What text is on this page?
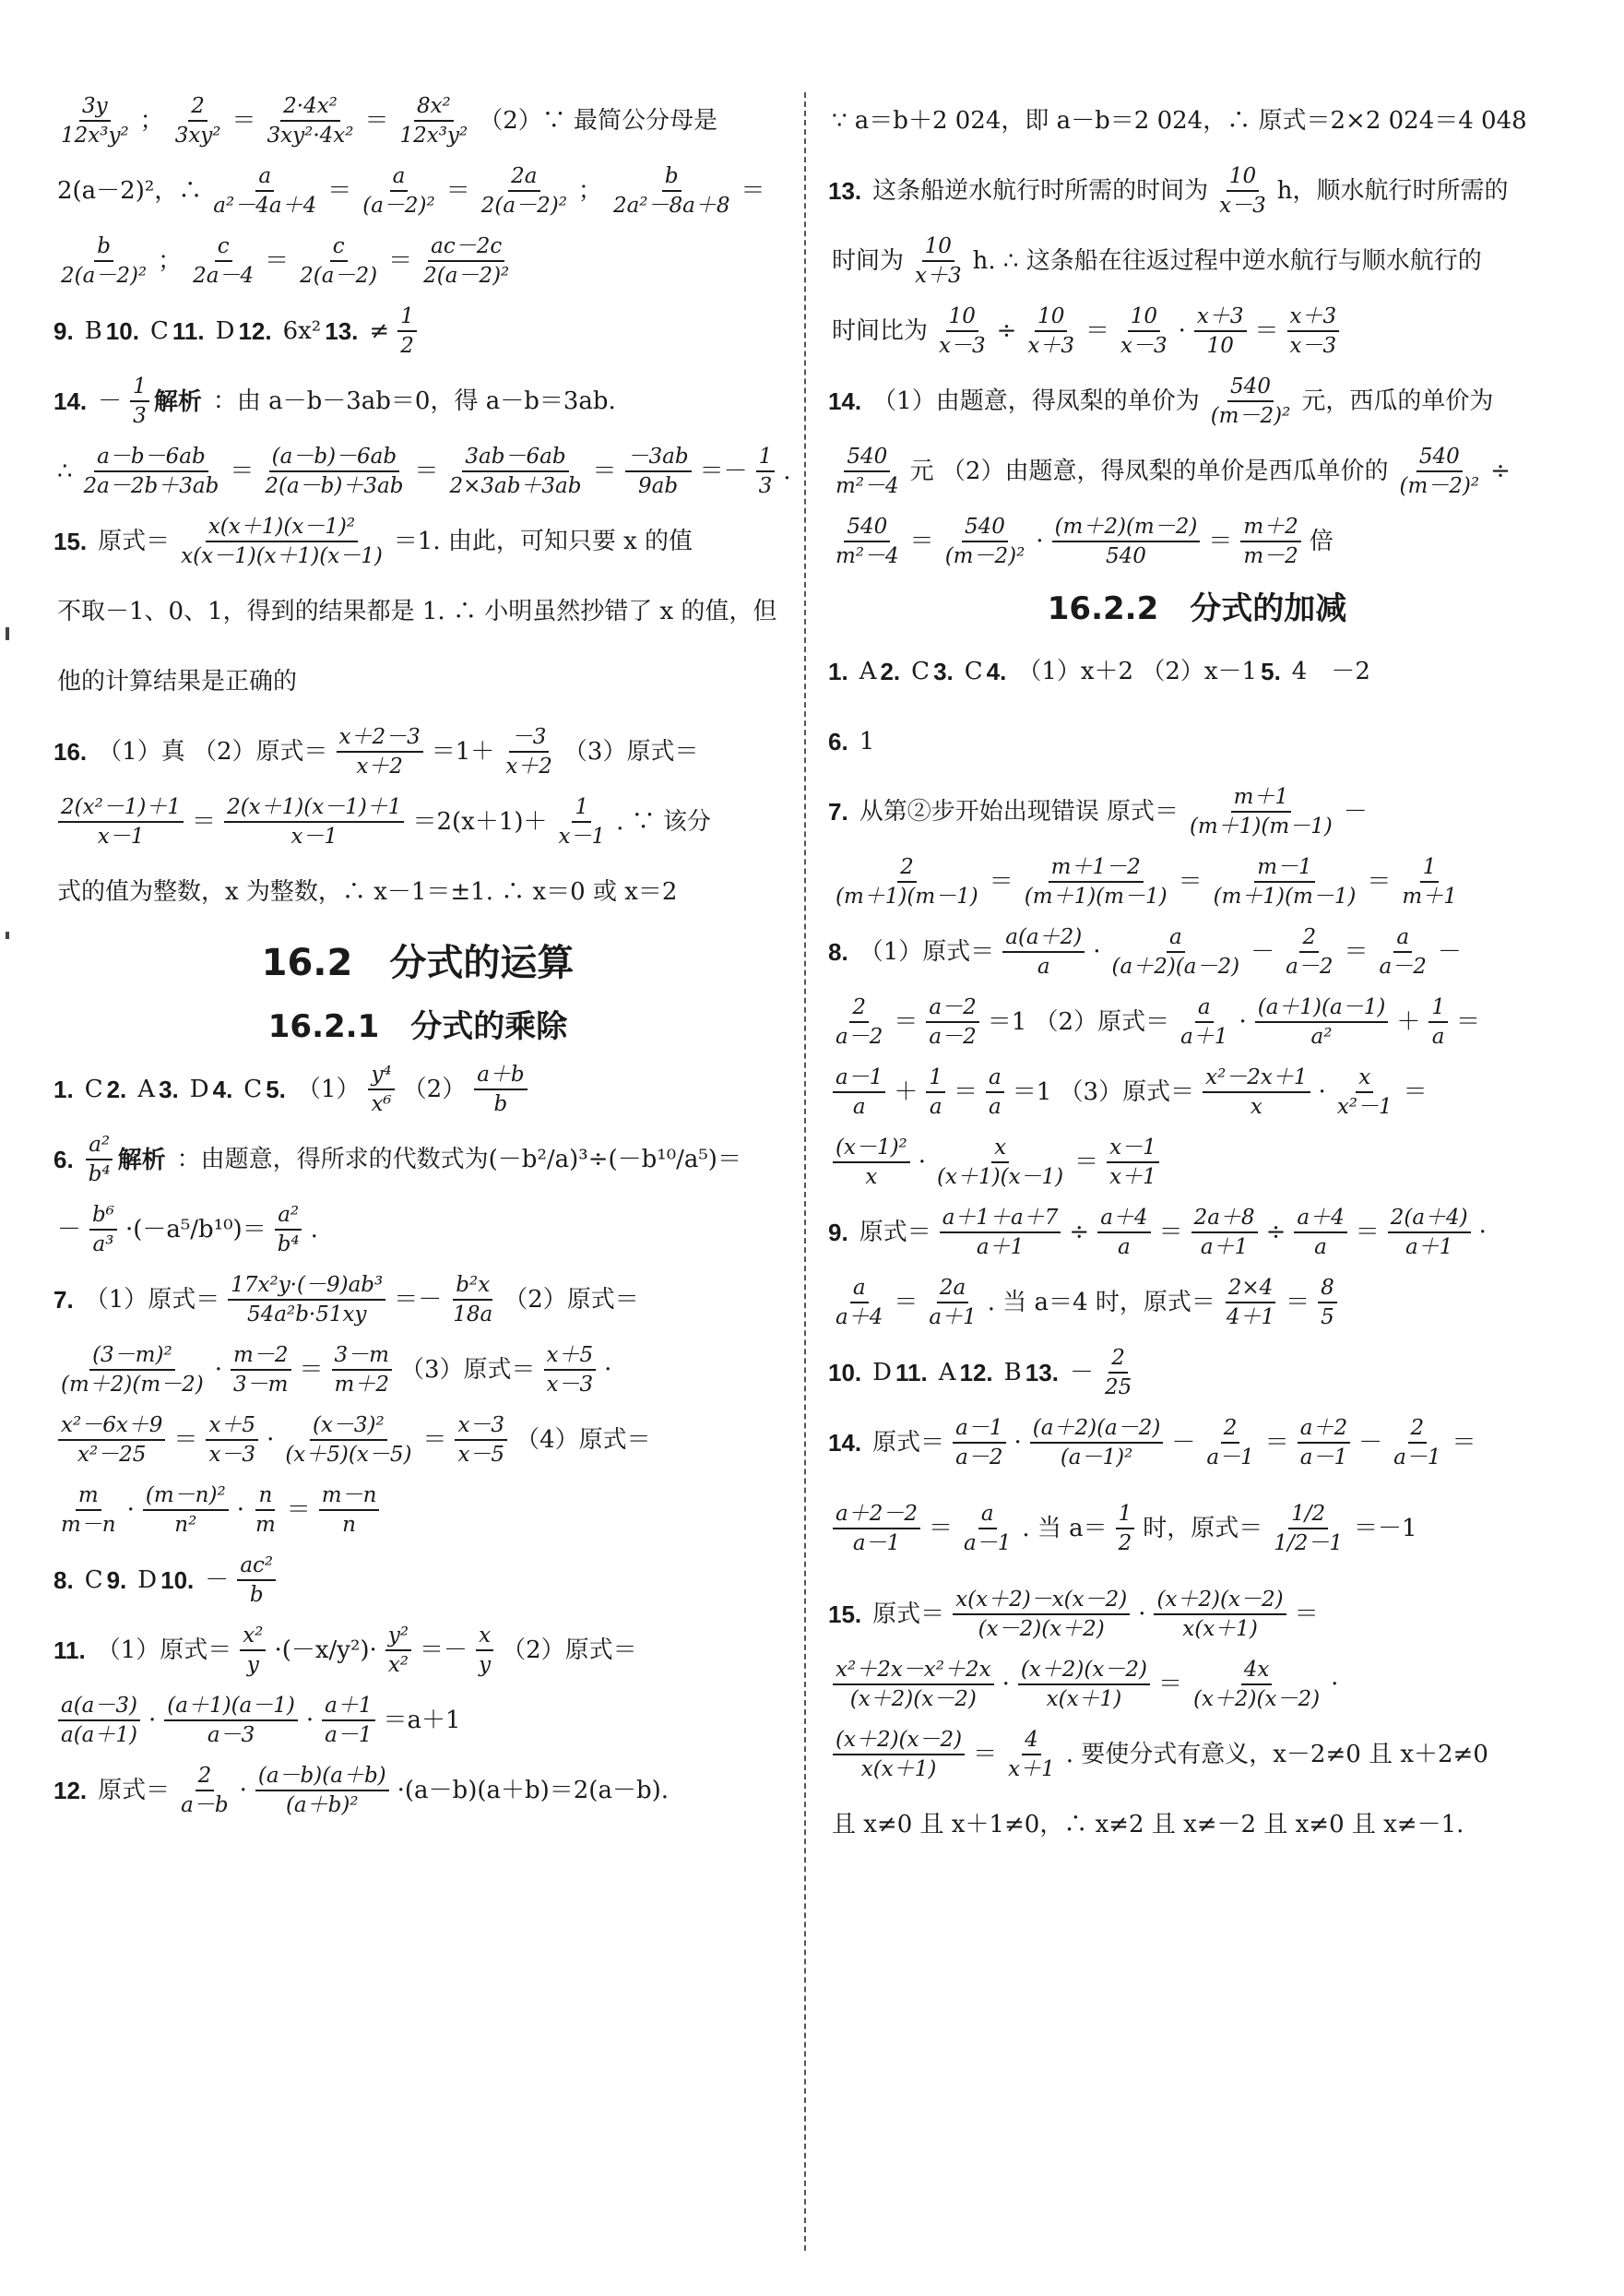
$\frac{3y}{\text{12x³y²}}$ ； $\frac{2}{\text{3xy²}} = \frac{\text{2·4x²}}{\text{3xy²·4x²}} = \frac{\text{8x²}}{\text{12x³y²}}$ （2）∵ 最简公分母是
2(a－2)²，∴ $\frac{a}{\text{a²－4a＋4}} = \frac{a}{\text{(a－2)²}} = \frac{2a}{\text{2(a－2)²}}$ ； $\frac{b}{\text{2a²－8a＋8}}$ ＝
$\frac{b}{\text{2(a－2)²}}$ ； $\frac{c}{2a-4} = \frac{c}{2(a-2)} = \frac{ac-2c}{\text{2(a－2)²}}$
9. B 10. C 11. D 12. 6x² 13. ≠ $\frac{1}{2}$
14. － $\frac{1}{3}$ 解析 ：由 a－b－3ab＝0，得 a－b＝3ab.
∴ $\frac{a-b-6ab}{2a-2b+3ab} = \frac{(a-b)-6ab}{2(a-b)+3ab} = \frac{3ab-6ab}{2\times 3ab+3ab} = \frac{-3ab}{9ab} =- \frac{1}{3}$ .
15. 原式＝ $\frac{\text{x(x＋1)(x－1)²}}{x(x-1)(x+1)(x-1)} =1$. 由此，可知只要 x 的值
不取－1、0、1，得到的结果都是 1. ∴ 小明虽然抄错了 x 的值，但
他的计算结果是正确的
16. （1）真 （2）原式＝ $\frac{x+2-3}{x+2} =1+ \frac{-3}{x+2} (3)$原式＝
$\frac{\text{2(x²－1)＋1}}{x-1} = \frac{2(x+1)(x-1)+1}{x-1} =2(x+1)+ \frac{1}{x-1}$ . ∵ 该分
式的值为整数，x 为整数，∴ x－1＝±1. ∴ x＝0 或 x＝2
16.2　分式的运算
16.2.1　分式的乘除
1. C 2. A 3. D 4. C 5. $(1) \frac{\text{y⁴}}{\text{x⁶}} (2) \frac{a+b}{b}$
6. $\frac{\text{a²}}{\text{b⁴}}$ 解析 ：由题意，得所求的代数式为(－b²/a)³÷(－b¹⁰/a⁵)＝
－ $\frac{\text{b⁶}}{\text{a³}} \cdot(-a^5/b^{10})= \frac{\text{a²}}{\text{b⁴}}$ .
7. （1）原式＝ $\frac{\text{17x²y·(－9)ab³}}{\text{54a²b·51xy}} =- \frac{\text{b²x}}{18a} (2)$原式＝
$\frac{\text{(3－m)²}}{(m+2)(m-2)} \cdot \frac{m-2}{3-m} = \frac{3-m}{m+2} (3)$原式＝ $\frac{x+5}{x-3}$ ·
$\frac{\text{x²－6x＋9}}{\text{x²－25}} = \frac{x+5}{x-3} \cdot \frac{\text{(x－3)²}}{(x+5)(x-5)} = \frac{x-3}{x-5} (4)$原式＝
$\frac{m}{m-n} \cdot \frac{\text{(m－n)²}}{\text{n²}} \cdot \frac{n}{m} = \frac{m-n}{n}$
8. C 9. D 10. － $\frac{\text{ac²}}{b}$
11. （1）原式＝ $\frac{\text{x²}}{y} \cdot(-x/y^2)\cdot \frac{\text{y²}}{\text{x²}} =- \frac{x}{y} (2)$原式＝
$\frac{a(a-3)}{a(a+1)} \cdot \frac{(a+1)(a-1)}{a-3} \cdot \frac{a+1}{a-1} =a+1$
12. 原式＝ $\frac{2}{a-b} \cdot \frac{(a-b)(a+b)}{\text{(a＋b)²}} \cdot(a-b)(a+b)=2(a-b)$.
∵ a＝b＋2 024，即 a－b＝2 024，∴ 原式＝2×2 024＝4 048
13. 这条船逆水航行时所需的时间为 $\frac{10}{x-3}$ h，顺水航行时所需的
时间为 $\frac{10}{x+3} h$. ∴ 这条船在往返过程中逆水航行与顺水航行的
时间比为 $\frac{10}{x-3} \div \frac{10}{x+3} = \frac{10}{x-3} \cdot \frac{x+3}{10} = \frac{x+3}{x-3}$
14. （1）由题意，得凤梨的单价为 $\frac{540}{\text{(m－2)²}}$ 元，西瓜的单价为
$\frac{540}{\text{m²－4}}$ 元 （2）由题意，得凤梨的单价是西瓜单价的 $\frac{540}{\text{(m－2)²}}$ ÷
$\frac{540}{\text{m²－4}} = \frac{540}{\text{(m－2)²}} \cdot \frac{(m+2)(m-2)}{540} = \frac{m+2}{m-2}$ 倍
16.2.2　分式的加减
1. A 2. C 3. C 4. （1）x＋2 （2）x－1 5. 4　－2
6. 1
7. 从第②步开始出现错误 原式＝ $\frac{m+1}{(m+1)(m-1)}$ －
$\frac{2}{(m+1)(m-1)} = \frac{m+1-2}{(m+1)(m-1)} = \frac{m-1}{(m+1)(m-1)} = \frac{1}{m+1}$
8. （1）原式＝ $\frac{a(a+2)}{a} \cdot \frac{a}{(a+2)(a-2)} - \frac{2}{a-2} = \frac{a}{a-2}$ －
$\frac{2}{a-2} = \frac{a-2}{a-2} =1$ （2）原式＝ $\frac{a}{a+1} \cdot \frac{(a+1)(a-1)}{\text{a²}} + \frac{1}{a}$ ＝
$\frac{a-1}{a} + \frac{1}{a} = \frac{a}{a} =1$ （3）原式＝ $\frac{\text{x²－2x＋1}}{x} \cdot \frac{x}{\text{x²－1}}$ ＝
$\frac{\text{(x－1)²}}{x} \cdot \frac{x}{(x+1)(x-1)} = \frac{x-1}{x+1}$
9. 原式＝ $\frac{a+1+a+7}{a+1} \div \frac{a+4}{a} = \frac{2a+8}{a+1} \div \frac{a+4}{a} = \frac{2(a+4)}{a+1}$ ·
$\frac{a}{a+4} = \frac{2a}{a+1}$ . 当 a＝4 时，原式＝ $\frac{2\times 4}{4+1} = \frac{8}{5}$
10. D 11. A 12. B 13. － $\frac{2}{25}$
14. 原式＝ $\frac{a-1}{a-2} \cdot \frac{(a+2)(a-2)}{\text{(a－1)²}} - \frac{2}{a-1} = \frac{a+2}{a-1} - \frac{2}{a-1}$ ＝
$\frac{a+2-2}{a-1} = \frac{a}{a-1}$ . 当 $a= \frac{1}{2}$ 时，原式＝ $\frac{1/2}{1/2-1} =-1$
15. 原式＝ $\frac{x(x+2)-x(x-2)}{(x-2)(x+2)} \cdot \frac{(x+2)(x-2)}{x(x+1)}$ ＝
$\frac{\text{x²＋2x－x²＋2x}}{(x+2)(x-2)} \cdot \frac{(x+2)(x-2)}{x(x+1)} = \frac{4x}{(x+2)(x-2)}$ ·
$\frac{(x+2)(x-2)}{x(x+1)} = \frac{4}{x+1}$ . 要使分式有意义，x－2≠0 且 x＋2≠0
且 x≠0 且 x＋1≠0，∴ x≠2 且 x≠－2 且 x≠0 且 x≠－1.
